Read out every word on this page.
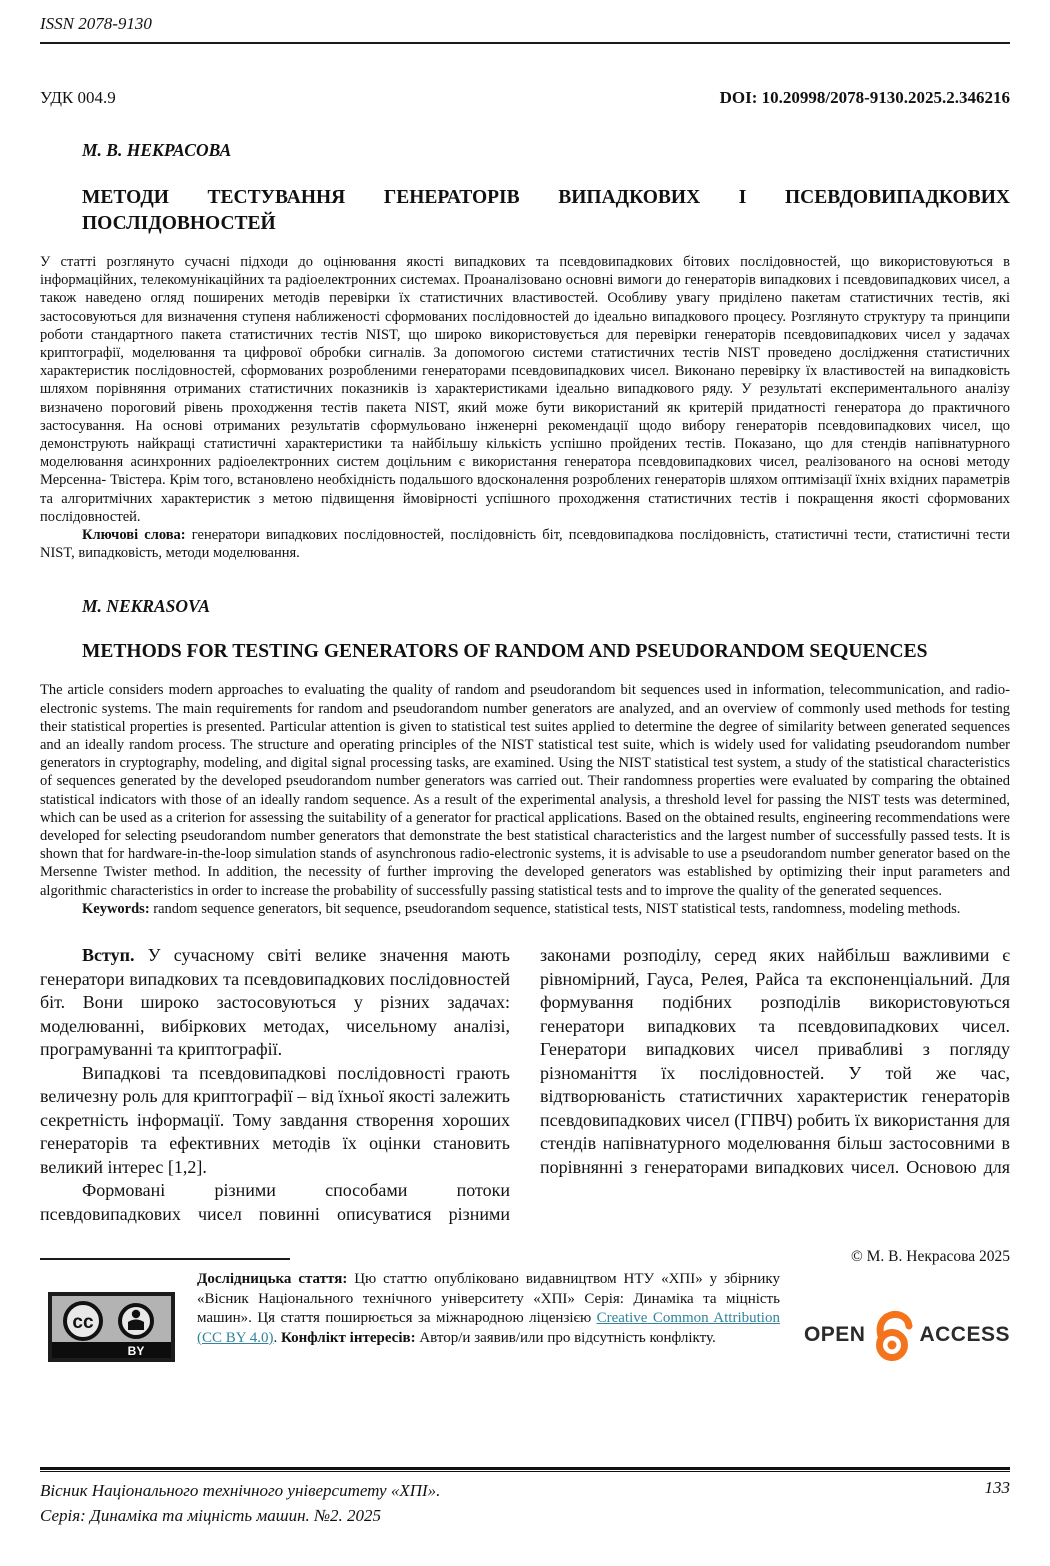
ISSN 2078-9130
УДК 004.9	DOI: 10.20998/2078-9130.2025.2.346216
М. В. НЕКРАСОВА
МЕТОДИ ТЕСТУВАННЯ ГЕНЕРАТОРІВ ВИПАДКОВИХ І ПСЕВДОВИПАДКОВИХ ПОСЛІДОВНОСТЕЙ

У статті розглянуто сучасні підходи до оцінювання якості випадкових та псевдовипадкових бітових послідовностей, що використовуються в інформаційних, телекомунікаційних та радіоелектронних системах. Проаналізовано основні вимоги до генераторів випадкових і псевдовипадкових чисел, а також наведено огляд поширених методів перевірки їх статистичних властивостей. Особливу увагу приділено пакетам статистичних тестів, які застосовуються для визначення ступеня наближеності сформованих послідовностей до ідеально випадкового процесу. Розглянуто структуру та принципи роботи стандартного пакета статистичних тестів NIST, що широко використовується для перевірки генераторів псевдовипадкових чисел у задачах криптографії, моделювання та цифрової обробки сигналів. За допомогою системи статистичних тестів NIST проведено дослідження статистичних характеристик послідовностей, сформованих розробленими генераторами псевдовипадкових чисел. Виконано перевірку їх властивостей на випадковість шляхом порівняння отриманих статистичних показників із характеристиками ідеально випадкового ряду. У результаті експериментального аналізу визначено пороговий рівень проходження тестів пакета NIST, який може бути використаний як критерій придатності генератора до практичного застосування. На основі отриманих результатів сформульовано інженерні рекомендації щодо вибору генераторів псевдовипадкових чисел, що демонструють найкращі статистичні характеристики та найбільшу кількість успішно пройдених тестів. Показано, що для стендів напівнатурного моделювання асинхронних радіоелектронних систем доцільним є використання генератора псевдовипадкових чисел, реалізованого на основі методу Мерсенна- Твістера. Крім того, встановлено необхідність подальшого вдосконалення розроблених генераторів шляхом оптимізації їхніх вхідних параметрів та алгоритмічних характеристик з метою підвищення ймовірності успішного проходження статистичних тестів і покращення якості сформованих послідовностей.

Ключові слова: генератори випадкових послідовностей, послідовність біт, псевдовипадкова послідовність, статистичні тести, статистичні тести NIST, випадковість, методи моделювання.

M. NEKRASOVA
METHODS FOR TESTING GENERATORS OF RANDOM AND PSEUDORANDOM SEQUENCES

The article considers modern approaches to evaluating the quality of random and pseudorandom bit sequences used in information, telecommunication, and radio-electronic systems. The main requirements for random and pseudorandom number generators are analyzed, and an overview of commonly used methods for testing their statistical properties is presented. Particular attention is given to statistical test suites applied to determine the degree of similarity between generated sequences and an ideally random process. The structure and operating principles of the NIST statistical test suite, which is widely used for validating pseudorandom number generators in cryptography, modeling, and digital signal processing tasks, are examined. Using the NIST statistical test system, a study of the statistical characteristics of sequences generated by the developed pseudorandom number generators was carried out. Their randomness properties were evaluated by comparing the obtained statistical indicators with those of an ideally random sequence. As a result of the experimental analysis, a threshold level for passing the NIST tests was determined, which can be used as a criterion for assessing the suitability of a generator for practical applications. Based on the obtained results, engineering recommendations were developed for selecting pseudorandom number generators that demonstrate the best statistical characteristics and the largest number of successfully passed tests. It is shown that for hardware-in-the-loop simulation stands of asynchronous radio-electronic systems, it is advisable to use a pseudorandom number generator based on the Mersenne Twister method. In addition, the necessity of further improving the developed generators was established by optimizing their input parameters and algorithmic characteristics in order to increase the probability of successfully passing statistical tests and to improve the quality of the generated sequences.

Keywords: random sequence generators, bit sequence, pseudorandom sequence, statistical tests, NIST statistical tests, randomness, modeling methods.

Вступ. У сучасному світі велике значення мають генератори випадкових та псевдовипадкових послідовностей біт. Вони широко застосовуються у різних задачах: моделюванні, вибіркових методах, чисельному аналізі, програмуванні та криптографії.

Випадкові та псевдовипадкові послідовності грають величезну роль для криптографії – від їхньої якості залежить секретність інформації. Тому завдання створення хороших генераторів та ефективних методів їх оцінки становить великий інтерес [1,2].

Формовані різними способами потоки псевдовипадкових чисел повинні описуватися різними

законами розподілу, серед яких найбільш важливими є рівномірний, Гауса, Релея, Райса та експоненціальний. Для формування подібних розподілів використовуються генератори випадкових та псевдовипадкових чисел. Генератори випадкових чисел привабливі з погляду різноманіття їх послідовностей. У той же час, відтворюваність статистичних характеристик генераторів псевдовипадкових чисел (ГПВЧ) робить їх використання для стендів напівнатурного моделювання більш застосовними в порівнянні з генераторами випадкових чисел. Основою для

© М. В. Некрасова 2025
cc
BY

Дослідницька стаття: Цю статтю опубліковано видавництвом НТУ «ХПІ» у збірнику «Вісник Національного технічного університету «ХПІ» Серія: Динаміка та міцність машин». Ця стаття поширюється за міжнародною ліцензією Creative Common Attribution (CC BY 4.0). Конфлікт інтересів: Автор/и заявив/или про відсутність конфлікту.	OPEN	ACCESS
Вісник Національного технічного університету «ХПІ».
Серія: Динаміка та міцність машин. №2. 2025
133
